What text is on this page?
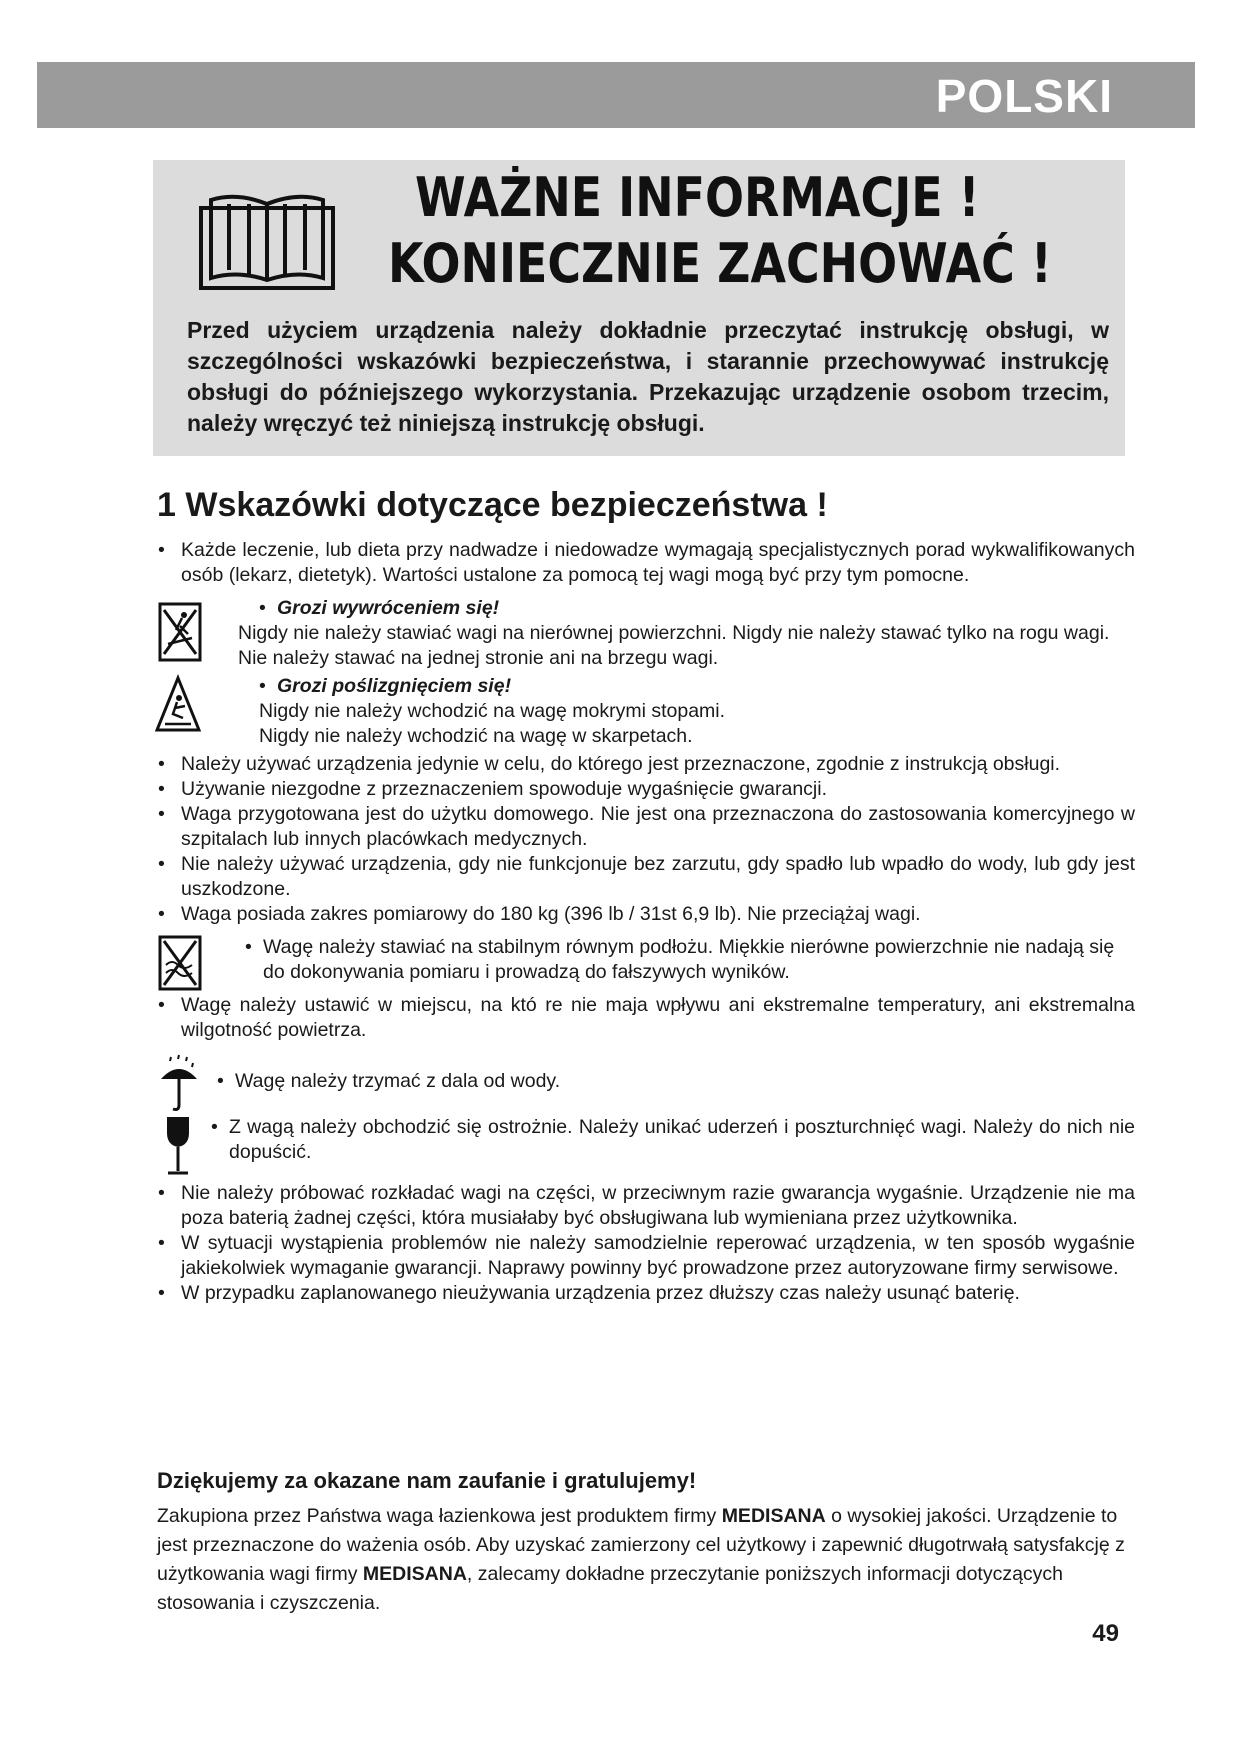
POLSKI
WAŻNE INFORMACJE !
KONIECZNIE ZACHOWAĆ !
Przed użyciem urządzenia należy dokładnie przeczytać instrukcję obsługi, w szczególności wskazówki bezpieczeństwa, i starannie przechowywać instrukcję obsługi do późniejszego wykorzystania. Przekazując urządzenie osobom trzecim, należy wręczyć też niniejszą instrukcję obsługi.
1 Wskazówki dotyczące bezpieczeństwa !
• Każde leczenie, lub dieta przy nadwadze i niedowadze wymagają specjalistycznych porad wykwalifikowanych osób (lekarz, dietetyk). Wartości ustalone za pomocą tej wagi mogą być przy tym pomocne.
• Grozi wywróceniem się!
Nigdy nie należy stawiać wagi na nierównej powierzchni. Nigdy nie należy stawać tylko na rogu wagi. Nie należy stawać na jednej stronie ani na brzegu wagi.
• Grozi poślizgnięciem się!
Nigdy nie należy wchodzić na wagę mokrymi stopami.
Nigdy nie należy wchodzić na wagę w skarpetach.
• Należy używać urządzenia jedynie w celu, do którego jest przeznaczone, zgodnie z instrukcją obsługi.
• Używanie niezgodne z przeznaczeniem spowoduje wygaśnięcie gwarancji.
• Waga przygotowana jest do użytku domowego. Nie jest ona przeznaczona do zastosowania komercyjnego w szpitalach lub innych placówkach medycznych.
• Nie należy używać urządzenia, gdy nie funkcjonuje bez zarzutu, gdy spadło lub wpadło do wody, lub gdy jest uszkodzone.
• Waga posiada zakres pomiarowy do 180 kg (396 lb / 31st 6,9 lb). Nie przeciążaj wagi.
• Wagę należy stawiać na stabilnym równym podłożu. Miękkie nierówne powierzchnie nie nadają się do dokonywania pomiaru i prowadzą do fałszywych wyników.
• Wagę należy ustawić w miejscu, na któ re nie maja wpływu ani ekstremalne temperatury, ani ekstremalna wilgotność powietrza.
• Wagę należy trzymać z dala od wody.
• Z wagą należy obchodzić się ostrożnie. Należy unikać uderzeń i poszturchnięć wagi. Należy do nich nie dopuścić.
• Nie należy próbować rozkładać wagi na części, w przeciwnym razie gwarancja wygaśnie. Urządzenie nie ma poza baterią żadnej części, która musiałaby być obsługiwana lub wymieniana przez użytkownika.
• W sytuacji wystąpienia problemów nie należy samodzielnie reperować urządzenia, w ten sposób wygaśnie jakiekolwiek wymaganie gwarancji. Naprawy powinny być prowadzone przez autoryzowane firmy serwisowe.
• W przypadku zaplanowanego nieużywania urządzenia przez dłuższy czas należy usunąć baterię.
Dziękujemy za okazane nam zaufanie i gratulujemy!
Zakupiona przez Państwa waga łazienkowa jest produktem firmy MEDISANA o wysokiej jakości. Urządzenie to jest przeznaczone do ważenia osób. Aby uzyskać zamierzony cel użytkowy i zapewnić długotrwałą satysfakcję z użytkowania wagi firmy MEDISANA, zalecamy dokładne przeczytanie poniższych informacji dotyczących stosowania i czyszczenia.
49
